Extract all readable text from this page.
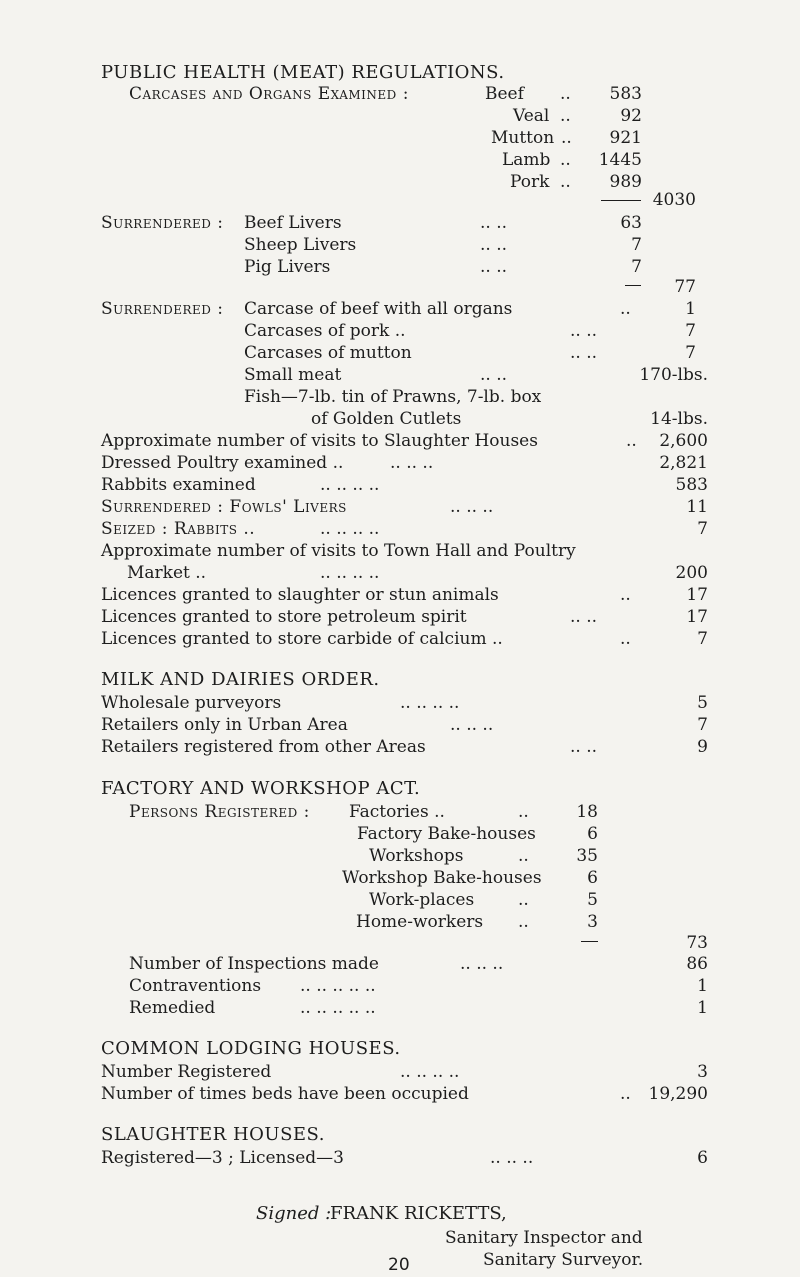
PUBLIC HEALTH (MEAT) REGULATIONS.
Carcases and Organs Examined :	Beef ..	583
Veal ..	92
Mutton ..	921
Lamb ..	1445
Pork ..	989
4030
Surrendered : Beef Livers	.. ..	63
Sheep Livers	.. ..	7
Pig Livers	.. ..	7
77
Surrendered : Carcase of beef with all organs	..	1
Carcases of pork ..	.. ..	7
Carcases of mutton	.. ..	7
Small meat	.. ..	170-lbs.
Fish—7-lb. tin of Prawns, 7-lb. box
of Golden Cutlets	14-lbs.
Approximate number of visits to Slaughter Houses	..	2,600
Dressed Poultry examined ..	.. .. ..	2,821
Rabbits examined	.. .. .. ..	583
Surrendered : Fowls' Livers	.. .. ..	11
Seized : Rabbits ..	.. .. .. ..	7
Approximate number of visits to Town Hall and Poultry
Market ..	.. .. .. ..	200
Licences granted to slaughter or stun animals	..	17
Licences granted to store petroleum spirit	.. ..	17
Licences granted to store carbide of calcium ..	..	7
MILK AND DAIRIES ORDER.
Wholesale purveyors	.. .. .. ..	5
Retailers only in Urban Area	.. .. ..	7
Retailers registered from other Areas	.. ..	9
FACTORY AND WORKSHOP ACT.
Persons Registered : Factories ..	..	18
Factory Bake-houses	6
Workshops	..	35
Workshop Bake-houses	6
Work-places	..	5
Home-workers ..	3
73
Number of Inspections made	.. .. ..	86
Contraventions .. .. .. .. ..	1
Remedied	.. .. .. .. ..	1
COMMON LODGING HOUSES.
Number Registered	.. .. .. ..	3
Number of times beds have been occupied	..	19,290
SLAUGHTER HOUSES.
Registered—3 ; Licensed—3	.. .. ..	6
Signed :
FRANK RICKETTS,
Sanitary Inspector and
Sanitary Surveyor.
20
